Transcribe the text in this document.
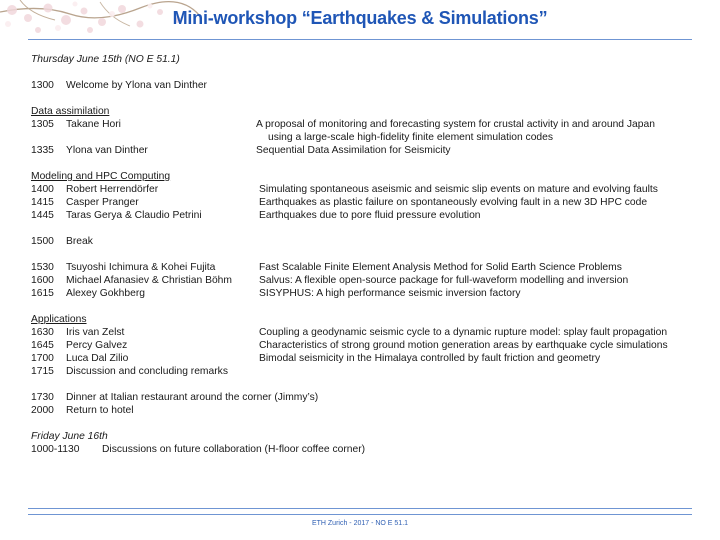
Mini-workshop “Earthquakes & Simulations”
Thursday June 15th (NO E 51.1)
1300 Welcome by Ylona van Dinther
Data assimilation
1305 Takane Hori	A proposal of monitoring and forecasting system for crustal activity in and around Japan
using a large-scale high-fidelity finite element simulation codes
1335 Ylona van Dinther	Sequential Data Assimilation for Seismicity
Modeling and HPC Computing
1400 Robert Herrendörfer	Simulating spontaneous aseismic and seismic slip events on mature and evolving faults
1415 Casper Pranger	Earthquakes as plastic failure on spontaneously evolving fault in a new 3D HPC code
1445 Taras Gerya & Claudio Petrini	Earthquakes due to pore fluid pressure evolution
1500 Break
1530 Tsuyoshi Ichimura & Kohei Fujita	Fast Scalable Finite Element Analysis Method for Solid Earth Science Problems
1600 Michael Afanasiev & Christian Böhm	Salvus: A flexible open-source package for full-waveform modelling and inversion
1615 Alexey Gokhberg	SISYPHUS: A high performance seismic inversion factory
Applications
1630 Iris van Zelst	Coupling a geodynamic seismic cycle to a dynamic rupture model: splay fault propagation
1645 Percy Galvez	Characteristics of strong ground motion generation areas by earthquake cycle simulations
1700 Luca Dal Zilio	Bimodal seismicity in the Himalaya controlled by fault friction and geometry
1715 Discussion and concluding remarks
1730 Dinner at Italian restaurant around the corner (Jimmy’s)
2000 Return to hotel
Friday June 16th
1000-1130 Discussions on future collaboration (H-floor coffee corner)
ETH Zurich - 2017 - NO E 51.1
